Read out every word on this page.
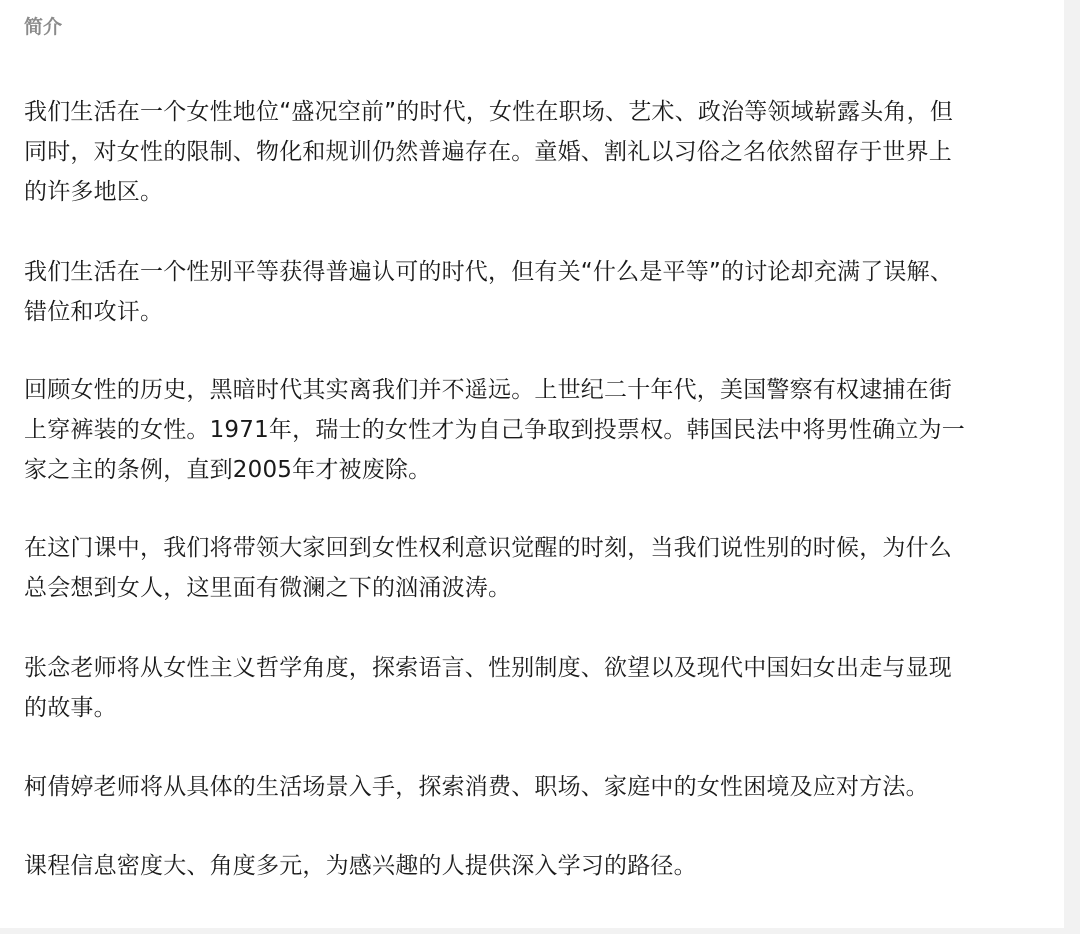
简介

我们生活在一个女性地位“盛况空前”的时代，女性在职场、艺术、政治等领域崭露头角，但
同时，对女性的限制、物化和规训仍然普遍存在。童婚、割礼以习俗之名依然留存于世界上
的许多地区。

我们生活在一个性别平等获得普遍认可的时代，但有关“什么是平等”的讨论却充满了误解、
错位和攻讦。

回顾女性的历史，黑暗时代其实离我们并不遥远。上世纪二十年代，美国警察有权逮捕在街
上穿裤装的女性。1971年，瑞士的女性才为自己争取到投票权。韩国民法中将男性确立为一
家之主的条例，直到2005年才被废除。

在这门课中，我们将带领大家回到女性权利意识觉醒的时刻，当我们说性别的时候，为什么
总会想到女人，这里面有微澜之下的汹涌波涛。

张念老师将从女性主义哲学角度，探索语言、性别制度、欲望以及现代中国妇女出走与显现
的故事。

柯倩婷老师将从具体的生活场景入手，探索消费、职场、家庭中的女性困境及应对方法。

课程信息密度大、角度多元，为感兴趣的人提供深入学习的路径。
